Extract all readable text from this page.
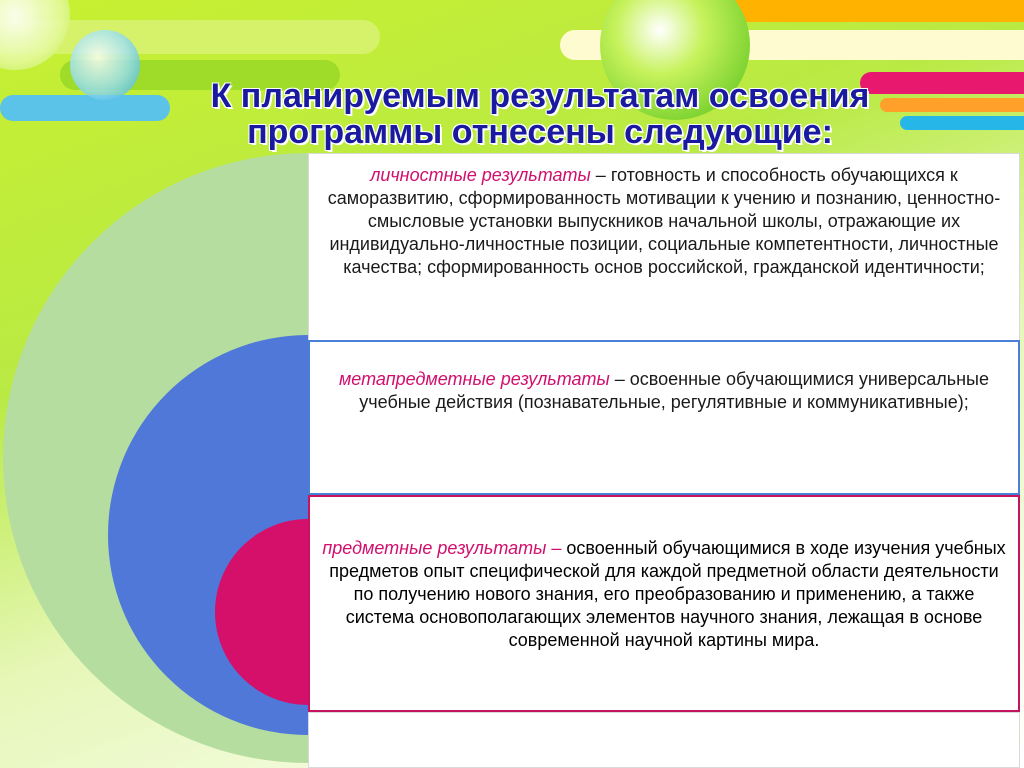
К планируемым результатам освоения
программы отнесены следующие:
личностные результаты – готовность и способность обучающихся к саморазвитию, сформированность мотивации к учению и познанию, ценностно-смысловые установки выпускников начальной школы, отражающие их индивидуально-личностные позиции, социальные компетентности, личностные качества; сформированность основ российской, гражданской идентичности;
метапредметные результаты – освоенные обучающимися универсальные учебные действия (познавательные, регулятивные и коммуникативные);
предметные результаты – освоенный обучающимися в ходе изучения учебных предметов опыт специфической для каждой предметной области деятельности по получению нового знания, его преобразованию и применению, а также система основополагающих элементов научного знания, лежащая в основе современной научной картины мира.
